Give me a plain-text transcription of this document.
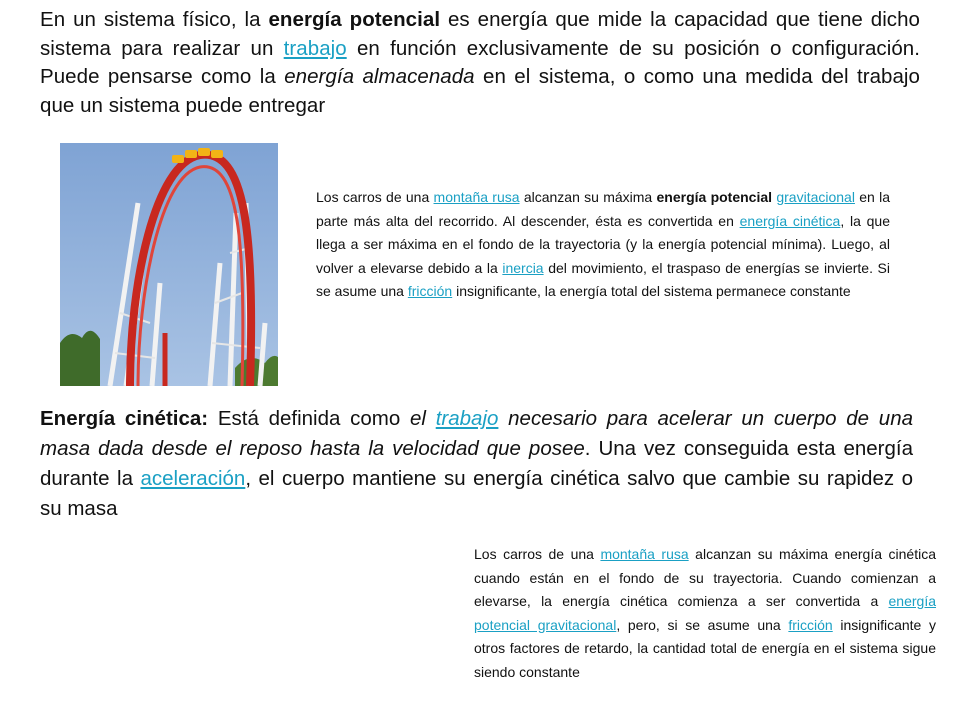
En un sistema físico, la energía potencial es energía que mide la capacidad que tiene dicho sistema para realizar un trabajo en función exclusivamente de su posición o configuración. Puede pensarse como la energía almacenada en el sistema, o como una medida del trabajo que un sistema puede entregar
Los carros de una montaña rusa alcanzan su máxima energía potencial gravitacional en la parte más alta del recorrido. Al descender, ésta es convertida en energía cinética, la que llega a ser máxima en el fondo de la trayectoria (y la energía potencial mínima). Luego, al volver a elevarse debido a la inercia del movimiento, el traspaso de energías se invierte. Si se asume una fricción insignificante, la energía total del sistema permanece constante
Energía cinética: Está definida como el trabajo necesario para acelerar un cuerpo de una masa dada desde el reposo hasta la velocidad que posee. Una vez conseguida esta energía durante la aceleración, el cuerpo mantiene su energía cinética salvo que cambie su rapidez o su masa
Los carros de una montaña rusa alcanzan su máxima energía cinética cuando están en el fondo de su trayectoria. Cuando comienzan a elevarse, la energía cinética comienza a ser convertida a energía potencial gravitacional, pero, si se asume una fricción insignificante y otros factores de retardo, la cantidad total de energía en el sistema sigue siendo constante
